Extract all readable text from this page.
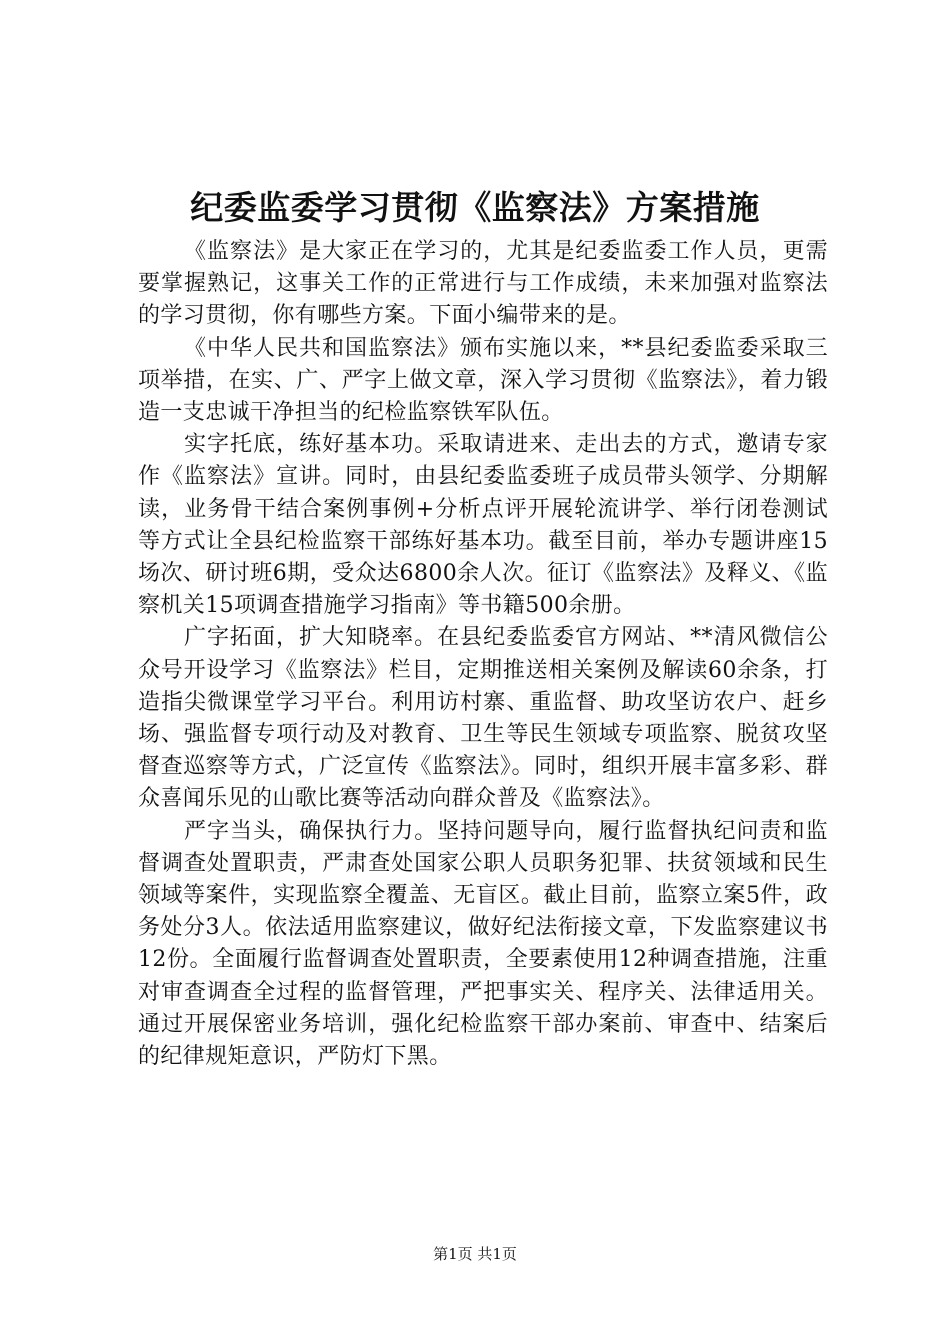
纪委监委学习贯彻《监察法》方案措施

《监察法》是大家正在学习的，尤其是纪委监委工作人员，更需要掌握熟记，这事关工作的正常进行与工作成绩，未来加强对监察法的学习贯彻，你有哪些方案。下面小编带来的是。

《中华人民共和国监察法》颁布实施以来，**县纪委监委采取三项举措，在实、广、严字上做文章，深入学习贯彻《监察法》，着力锻造一支忠诚干净担当的纪检监察铁军队伍。

实字托底，练好基本功。采取请进来、走出去的方式，邀请专家作《监察法》宣讲。同时，由县纪委监委班子成员带头领学、分期解读，业务骨干结合案例事例+分析点评开展轮流讲学、举行闭卷测试等方式让全县纪检监察干部练好基本功。截至目前，举办专题讲座15场次、研讨班6期，受众达6800余人次。征订《监察法》及释义、《监察机关15项调查措施学习指南》等书籍500余册。

广字拓面，扩大知晓率。在县纪委监委官方网站、**清风微信公众号开设学习《监察法》栏目，定期推送相关案例及解读60余条，打造指尖微课堂学习平台。利用访村寨、重监督、助攻坚访农户、赶乡场、强监督专项行动及对教育、卫生等民生领域专项监察、脱贫攻坚督查巡察等方式，广泛宣传《监察法》。同时，组织开展丰富多彩、群众喜闻乐见的山歌比赛等活动向群众普及《监察法》。

严字当头，确保执行力。坚持问题导向，履行监督执纪问责和监督调查处置职责，严肃查处国家公职人员职务犯罪、扶贫领域和民生领域等案件，实现监察全覆盖、无盲区。截止目前，监察立案5件，政务处分3人。依法适用监察建议，做好纪法衔接文章，下发监察建议书12份。全面履行监督调查处置职责，全要素使用12种调查措施，注重对审查调查全过程的监督管理，严把事实关、程序关、法律适用关。通过开展保密业务培训，强化纪检监察干部办案前、审查中、结案后的纪律规矩意识，严防灯下黑。

第1页 共1页
